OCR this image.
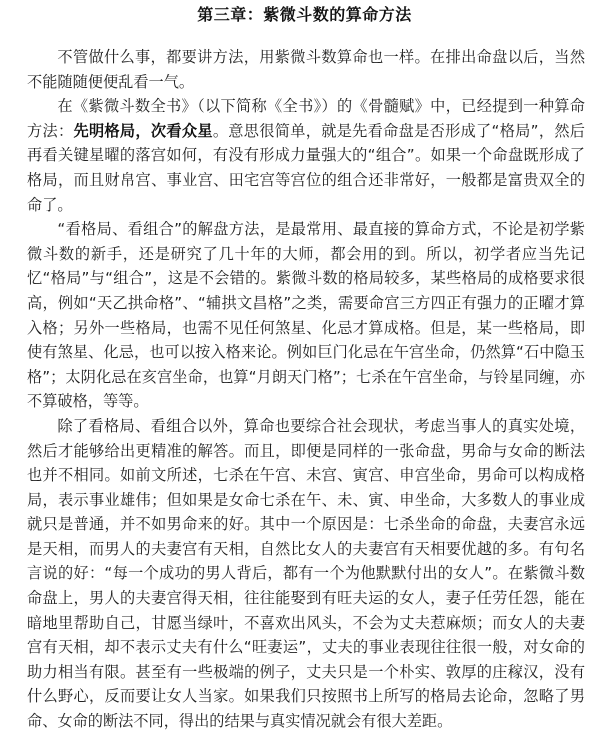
第三章：紫微斗数的算命方法

不管做什么事，都要讲方法，用紫微斗数算命也一样。在排出命盘以后，当然不能随随便便乱看一气。

在《紫微斗数全书》（以下简称《全书》）的《骨髓赋》中，已经提到一种算命方法：先明格局，次看众星。意思很简单，就是先看命盘是否形成了“格局”，然后再看关键星曜的落宫如何，有没有形成力量强大的“组合”。如果一个命盘既形成了格局，而且财帛宫、事业宫、田宅宫等宫位的组合还非常好，一般都是富贵双全的命了。

“看格局、看组合”的解盘方法，是最常用、最直接的算命方式，不论是初学紫微斗数的新手，还是研究了几十年的大师，都会用的到。所以，初学者应当先记忆“格局”与“组合”，这是不会错的。紫微斗数的格局较多，某些格局的成格要求很高，例如“天乙拱命格”、“辅拱文昌格”之类，需要命宫三方四正有强力的正曜才算入格；另外一些格局，也需不见任何煞星、化忌才算成格。但是，某一些格局，即使有煞星、化忌，也可以按入格来论。例如巨门化忌在午宫坐命，仍然算“石中隐玉格”；太阴化忌在亥宫坐命，也算“月朗天门格”；七杀在午宫坐命，与铃星同缠，亦不算破格，等等。

除了看格局、看组合以外，算命也要综合社会现状，考虑当事人的真实处境，然后才能够给出更精准的解答。而且，即便是同样的一张命盘，男命与女命的断法也并不相同。如前文所述，七杀在午宫、未宫、寅宫、申宫坐命，男命可以构成格局，表示事业雄伟；但如果是女命七杀在午、未、寅、申坐命，大多数人的事业成就只是普通，并不如男命来的好。其中一个原因是：七杀坐命的命盘，夫妻宫永远是天相，而男人的夫妻宫有天相，自然比女人的夫妻宫有天相要优越的多。有句名言说的好：“每一个成功的男人背后，都有一个为他默默付出的女人”。在紫微斗数命盘上，男人的夫妻宫得天相，往往能娶到有旺夫运的女人，妻子任劳任怨，能在暗地里帮助自己，甘愿当绿叶，不喜欢出风头，不会为丈夫惹麻烦；而女人的夫妻宫有天相，却不表示丈夫有什么“旺妻运”，丈夫的事业表现往往很一般，对女命的助力相当有限。甚至有一些极端的例子，丈夫只是一个朴实、敦厚的庄稼汉，没有什么野心，反而要让女人当家。如果我们只按照书上所写的格局去论命，忽略了男命、女命的断法不同，得出的结果与真实情况就会有很大差距。
